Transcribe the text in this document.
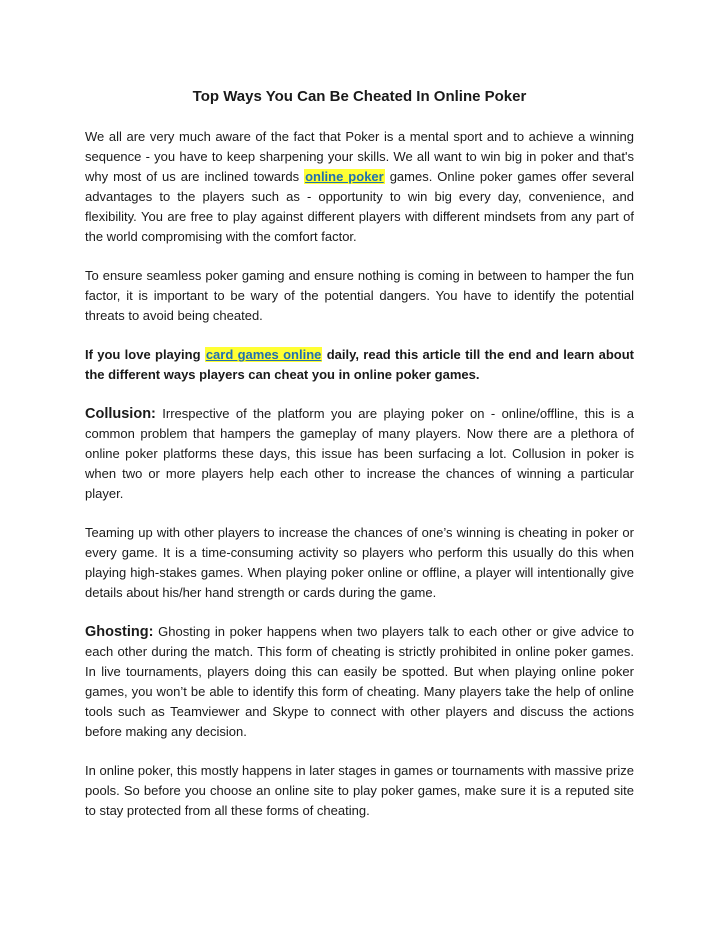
Top Ways You Can Be Cheated In Online Poker

We all are very much aware of the fact that Poker is a mental sport and to achieve a winning sequence - you have to keep sharpening your skills. We all want to win big in poker and that's why most of us are inclined towards online poker games. Online poker games offer several advantages to the players such as - opportunity to win big every day, convenience, and flexibility. You are free to play against different players with different mindsets from any part of the world compromising with the comfort factor.

To ensure seamless poker gaming and ensure nothing is coming in between to hamper the fun factor, it is important to be wary of the potential dangers. You have to identify the potential threats to avoid being cheated.

If you love playing card games online daily, read this article till the end and learn about the different ways players can cheat you in online poker games.

Collusion: Irrespective of the platform you are playing poker on - online/offline, this is a common problem that hampers the gameplay of many players. Now there are a plethora of online poker platforms these days, this issue has been surfacing a lot. Collusion in poker is when two or more players help each other to increase the chances of winning a particular player.

Teaming up with other players to increase the chances of one’s winning is cheating in poker or every game. It is a time-consuming activity so players who perform this usually do this when playing high-stakes games. When playing poker online or offline, a player will intentionally give details about his/her hand strength or cards during the game.

Ghosting: Ghosting in poker happens when two players talk to each other or give advice to each other during the match. This form of cheating is strictly prohibited in online poker games. In live tournaments, players doing this can easily be spotted. But when playing online poker games, you won’t be able to identify this form of cheating. Many players take the help of online tools such as Teamviewer and Skype to connect with other players and discuss the actions before making any decision.

In online poker, this mostly happens in later stages in games or tournaments with massive prize pools. So before you choose an online site to play poker games, make sure it is a reputed site to stay protected from all these forms of cheating.
